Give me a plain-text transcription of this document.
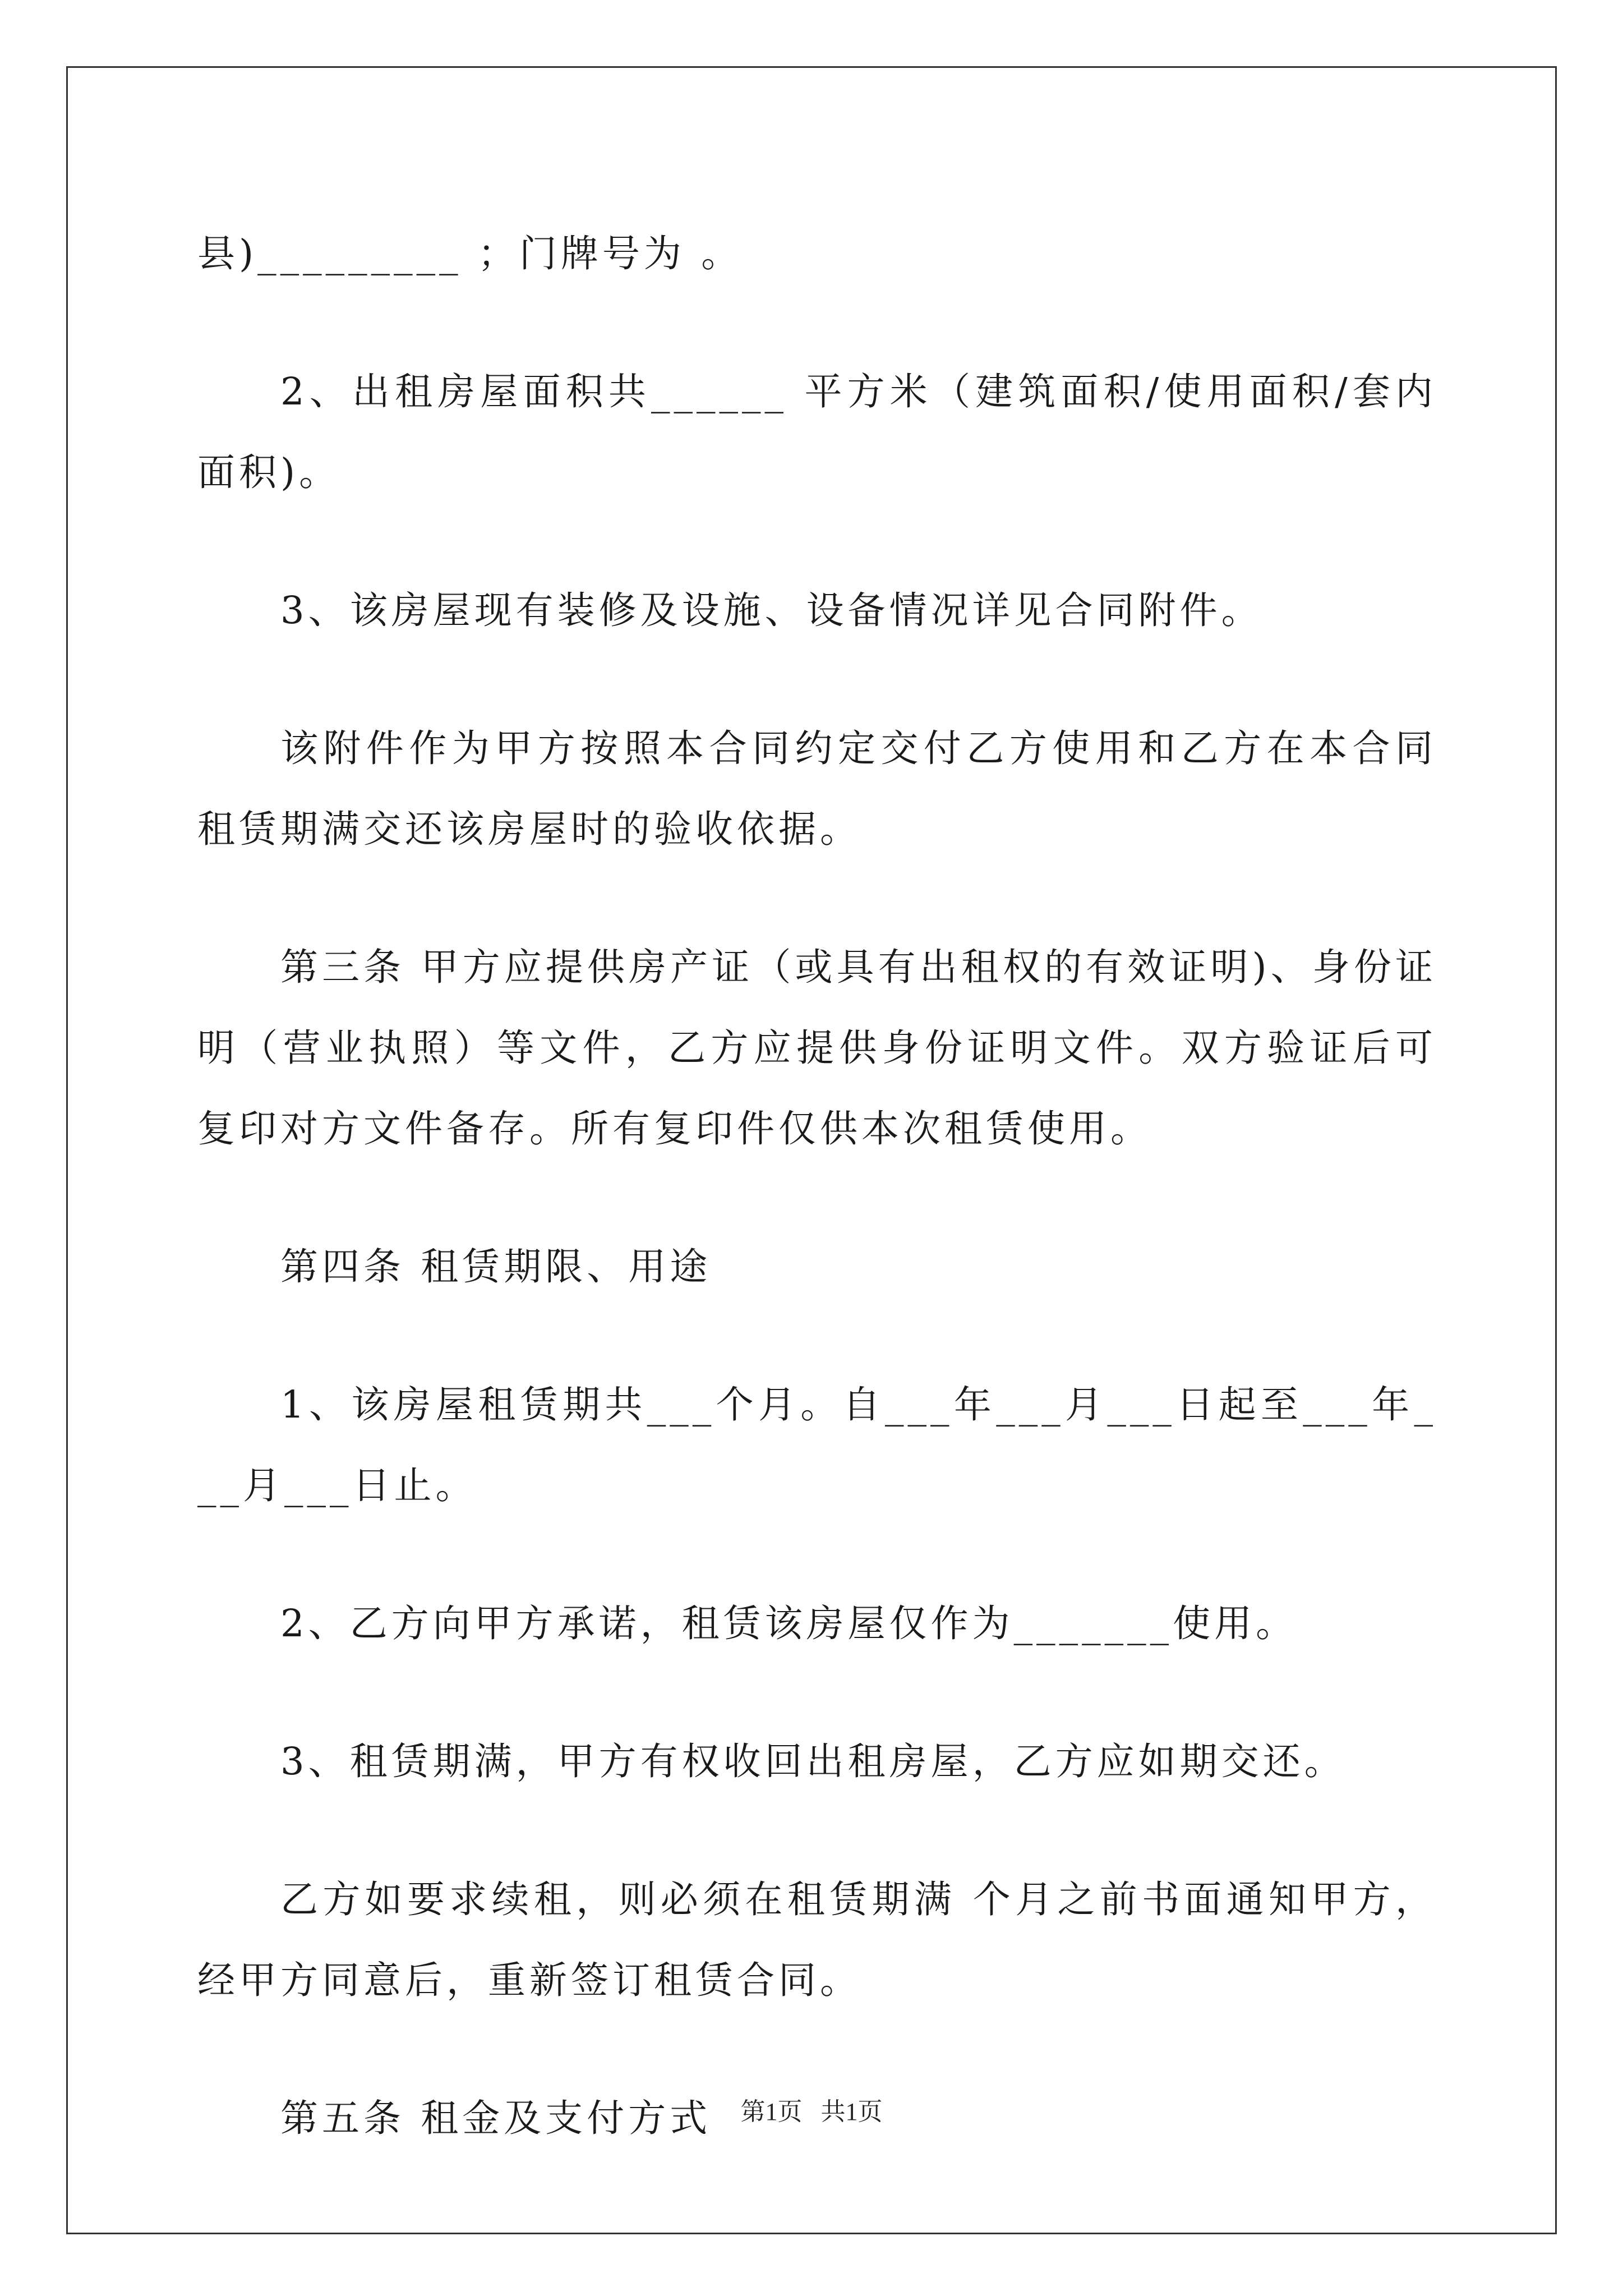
县)_________ ；门牌号为 。

2、出租房屋面积共______ 平方米（建筑面积/使用面积/套内面积)。

3、该房屋现有装修及设施、设备情况详见合同附件。

该附件作为甲方按照本合同约定交付乙方使用和乙方在本合同租赁期满交还该房屋时的验收依据。

第三条 甲方应提供房产证（或具有出租权的有效证明)、身份证明（营业执照）等文件，乙方应提供身份证明文件。双方验证后可复印对方文件备存。所有复印件仅供本次租赁使用。

第四条 租赁期限、用途

1、该房屋租赁期共___个月。自___年___月___日起至___年___月___日止。

2、乙方向甲方承诺，租赁该房屋仅作为_______使用。

3、租赁期满，甲方有权收回出租房屋，乙方应如期交还。

乙方如要求续租，则必须在租赁期满 个月之前书面通知甲方，经甲方同意后，重新签订租赁合同。

第五条 租金及支付方式	第1页   共1页
